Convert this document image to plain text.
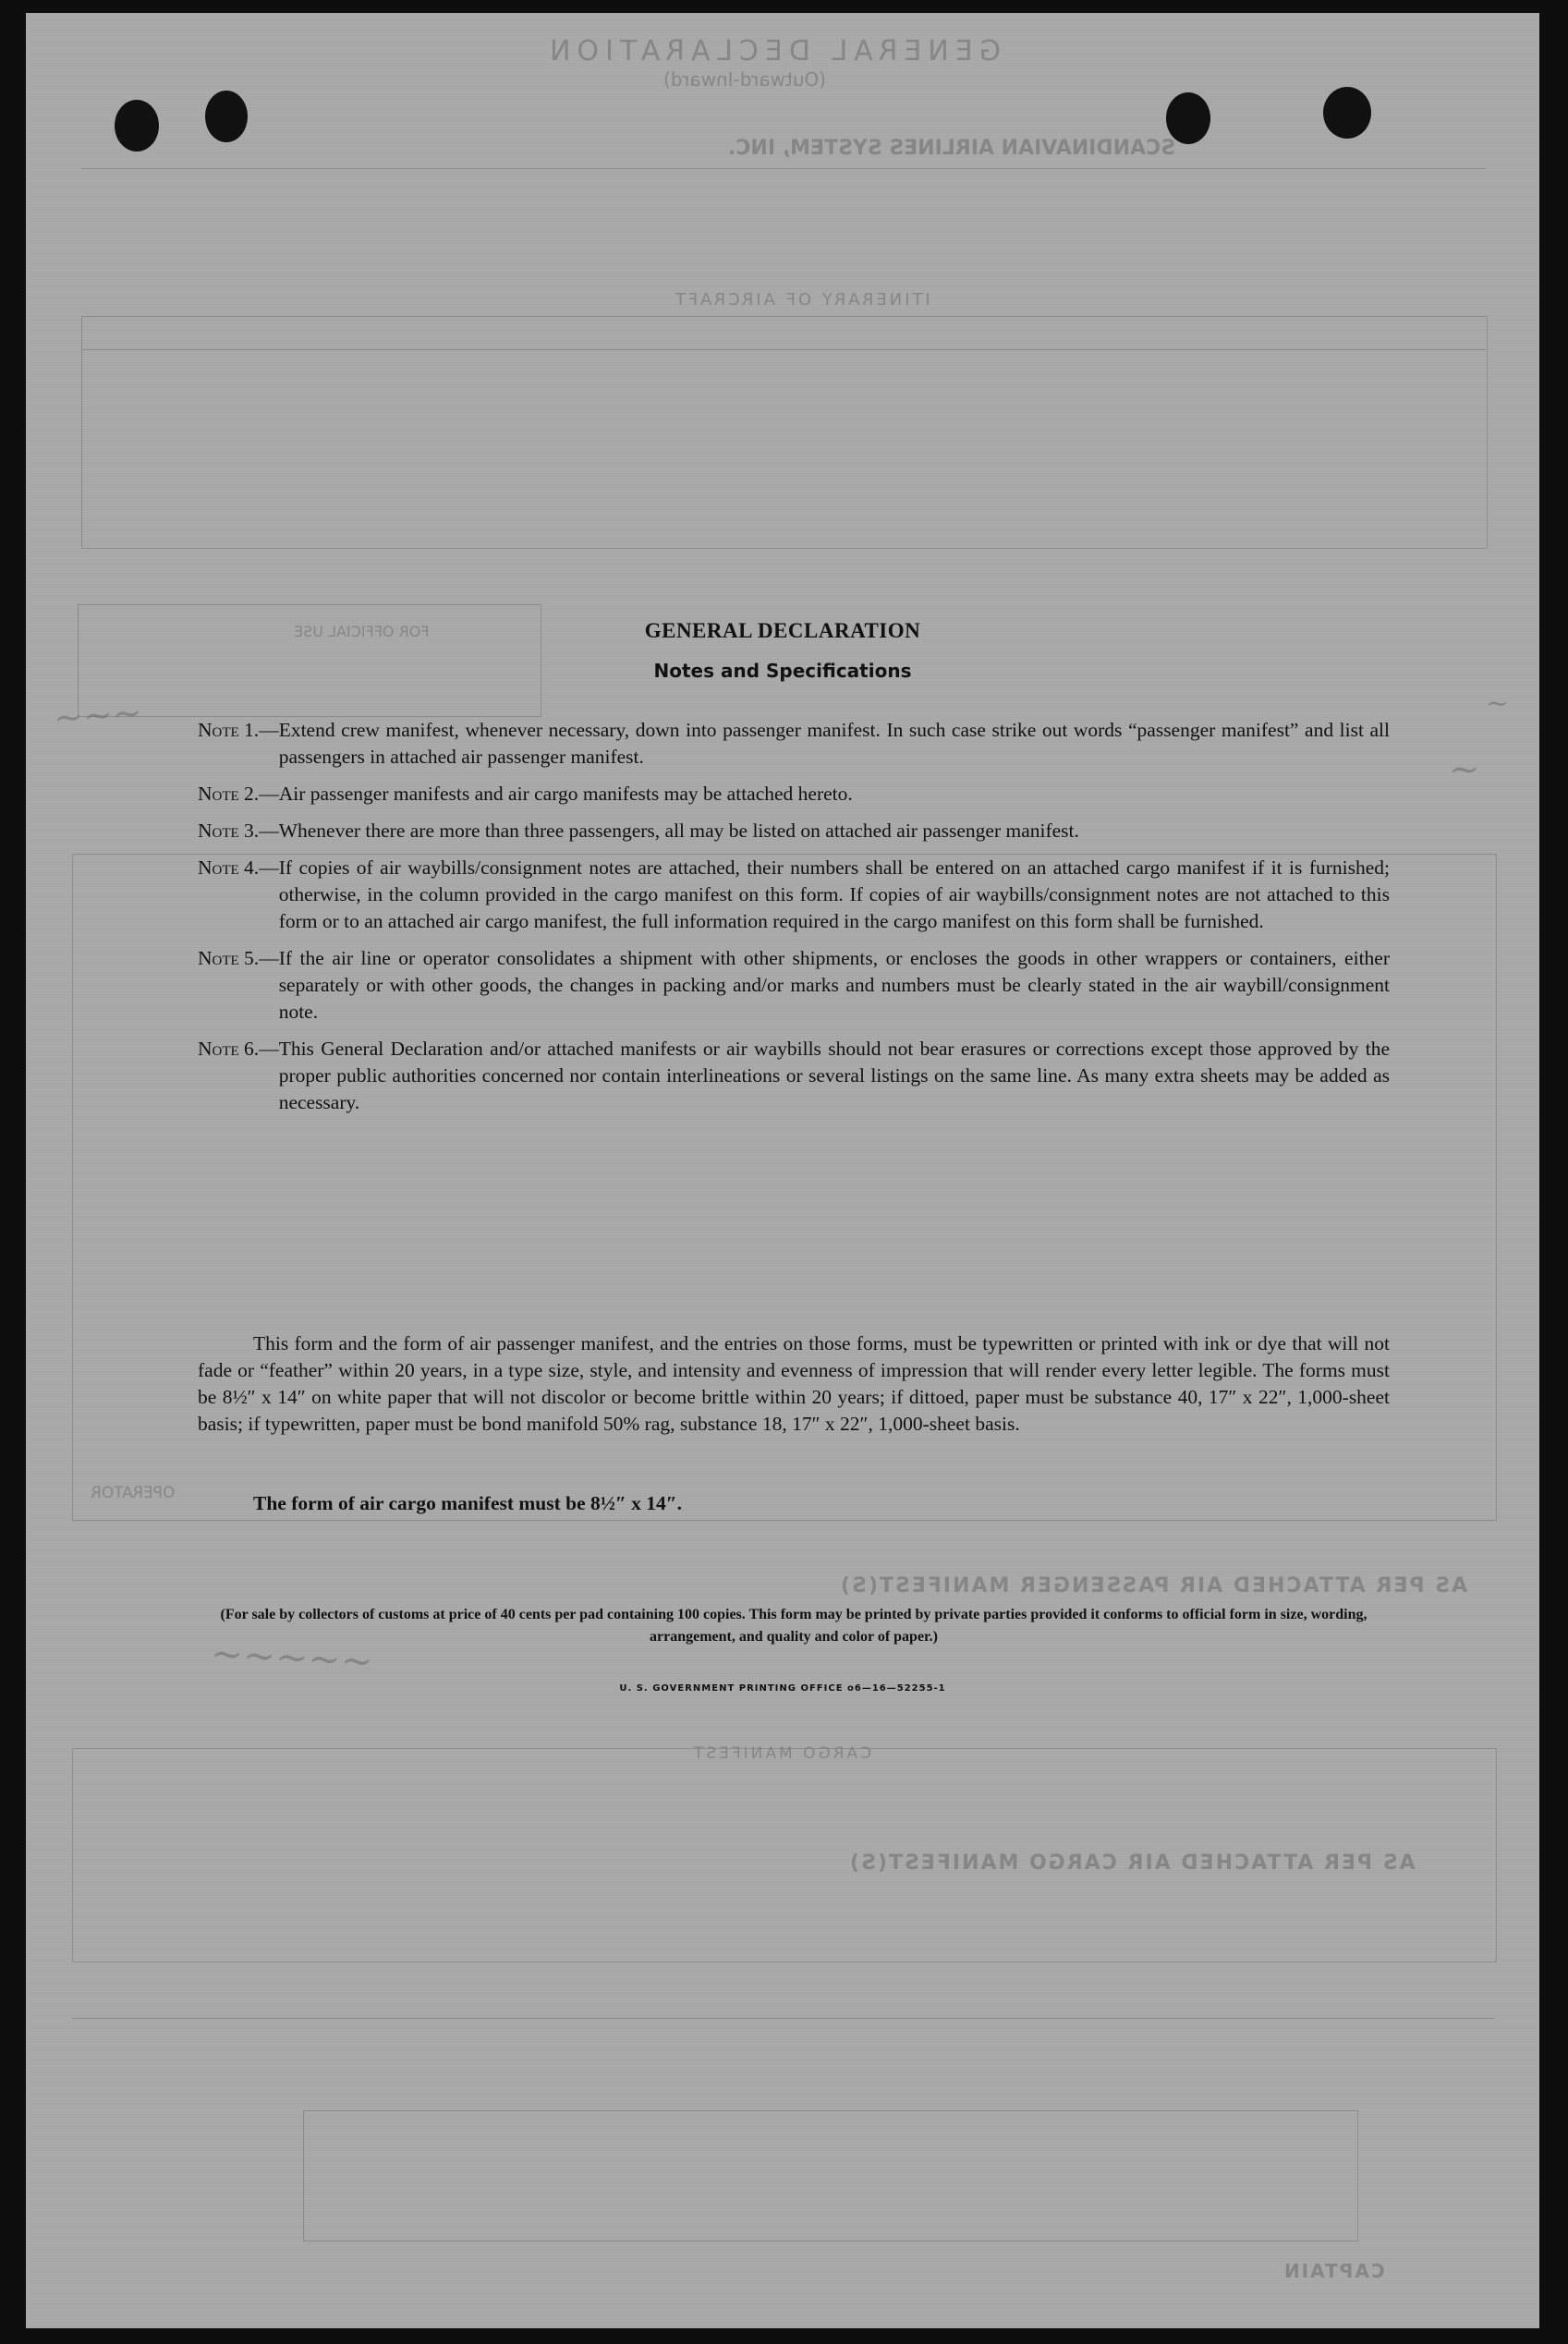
GENERAL DECLARATION
(Outward-Inward)
SCANDINAVIAN AIRLINES SYSTEM, INC.
ITINERARY OF AIRCRAFT
FOR OFFICIAL USE
AS PER ATTACHED AIR PASSENGER MANIFEST(S)
OPERATOR
CARGO MANIFEST
AS PER ATTACHED AIR CARGO MANIFEST(S)
CAPTAIN
~~~	~
~
~~~~~
GENERAL DECLARATION
Notes and Specifications
Note 1. — Extend crew manifest, whenever necessary, down into passenger manifest. In such case strike out words “passenger manifest” and list all passengers in attached air passenger manifest.
Note 2. — Air passenger manifests and air cargo manifests may be attached hereto.
Note 3. — Whenever there are more than three passengers, all may be listed on attached air passenger manifest.
Note 4. — If copies of air waybills/consignment notes are attached, their numbers shall be entered on an attached cargo manifest if it is furnished; otherwise, in the column provided in the cargo manifest on this form. If copies of air waybills/consignment notes are not attached to this form or to an attached air cargo manifest, the full information required in the cargo manifest on this form shall be furnished.
Note 5. — If the air line or operator consolidates a shipment with other shipments, or encloses the goods in other wrappers or containers, either separately or with other goods, the changes in packing and/or marks and numbers must be clearly stated in the air waybill/consignment note.
Note 6. — This General Declaration and/or attached manifests or air waybills should not bear erasures or corrections except those approved by the proper public authorities concerned nor contain interlineations or several listings on the same line. As many extra sheets may be added as necessary.
This form and the form of air passenger manifest, and the entries on those forms, must be typewritten or printed with ink or dye that will not fade or “feather” within 20 years, in a type size, style, and intensity and evenness of impression that will render every letter legible. The forms must be 8½″ x 14″ on white paper that will not discolor or become brittle within 20 years; if dittoed, paper must be substance 40, 17″ x 22″, 1,000-sheet basis; if typewritten, paper must be bond manifold 50% rag, substance 18, 17″ x 22″, 1,000-sheet basis.
The form of air cargo manifest must be 8½″ x 14″.
(For sale by collectors of customs at price of 40 cents per pad containing 100 copies. This form may be printed by private parties provided it conforms to official form in size, wording, arrangement, and quality and color of paper.)
U. S. GOVERNMENT PRINTING OFFICE o6—16—52255-1
